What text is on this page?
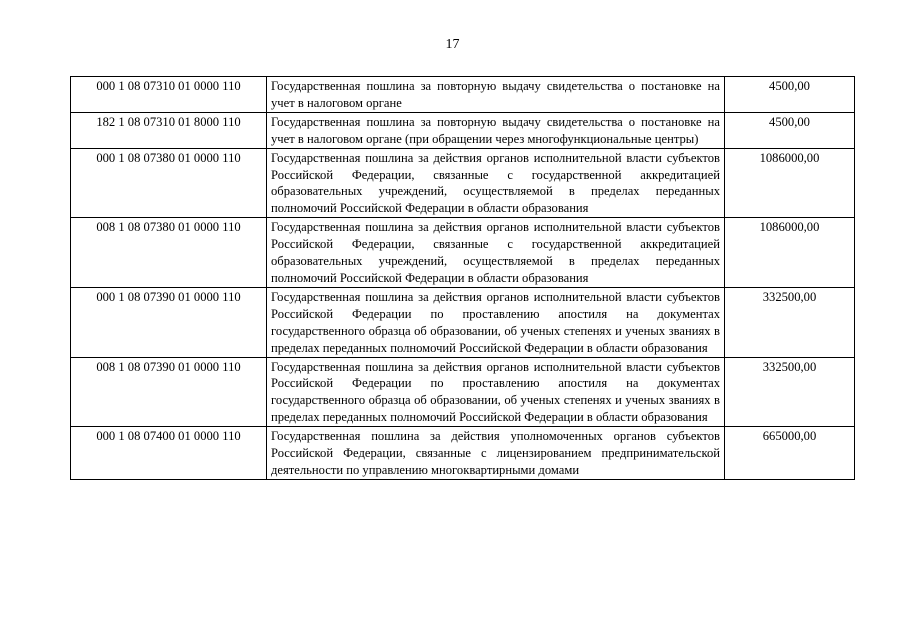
17
000 1 08 07310 01 0000 110	Государственная пошлина за повторную выдачу свидетельства о постановке на учет в налоговом органе	4500,00
182 1 08 07310 01 8000 110	Государственная пошлина за повторную выдачу свидетельства о постановке на учет в налоговом органе (при обращении через многофункциональные центры)	4500,00
000 1 08 07380 01 0000 110	Государственная пошлина за действия органов исполнительной власти субъектов Российской Федерации, связанные с государственной аккредитацией образовательных учреждений, осуществляемой в пределах переданных полномочий Российской Федерации в области образования	1086000,00
008 1 08 07380 01 0000 110	Государственная пошлина за действия органов исполнительной власти субъектов Российской Федерации, связанные с государственной аккредитацией образовательных учреждений, осуществляемой в пределах переданных полномочий Российской Федерации в области образования	1086000,00
000 1 08 07390 01 0000 110	Государственная пошлина за действия органов исполнительной власти субъектов Российской Федерации по проставлению апостиля на документах государственного образца об образовании, об ученых степенях и ученых званиях в пределах переданных полномочий Российской Федерации в области образования	332500,00
008 1 08 07390 01 0000 110	Государственная пошлина за действия органов исполнительной власти субъектов Российской Федерации по проставлению апостиля на документах государственного образца об образовании, об ученых степенях и ученых званиях в пределах переданных полномочий Российской Федерации в области образования	332500,00
000 1 08 07400 01 0000 110	Государственная пошлина за действия уполномоченных органов субъектов Российской Федерации, связанные с лицензированием предпринимательской деятельности по управлению многоквартирными домами	665000,00
